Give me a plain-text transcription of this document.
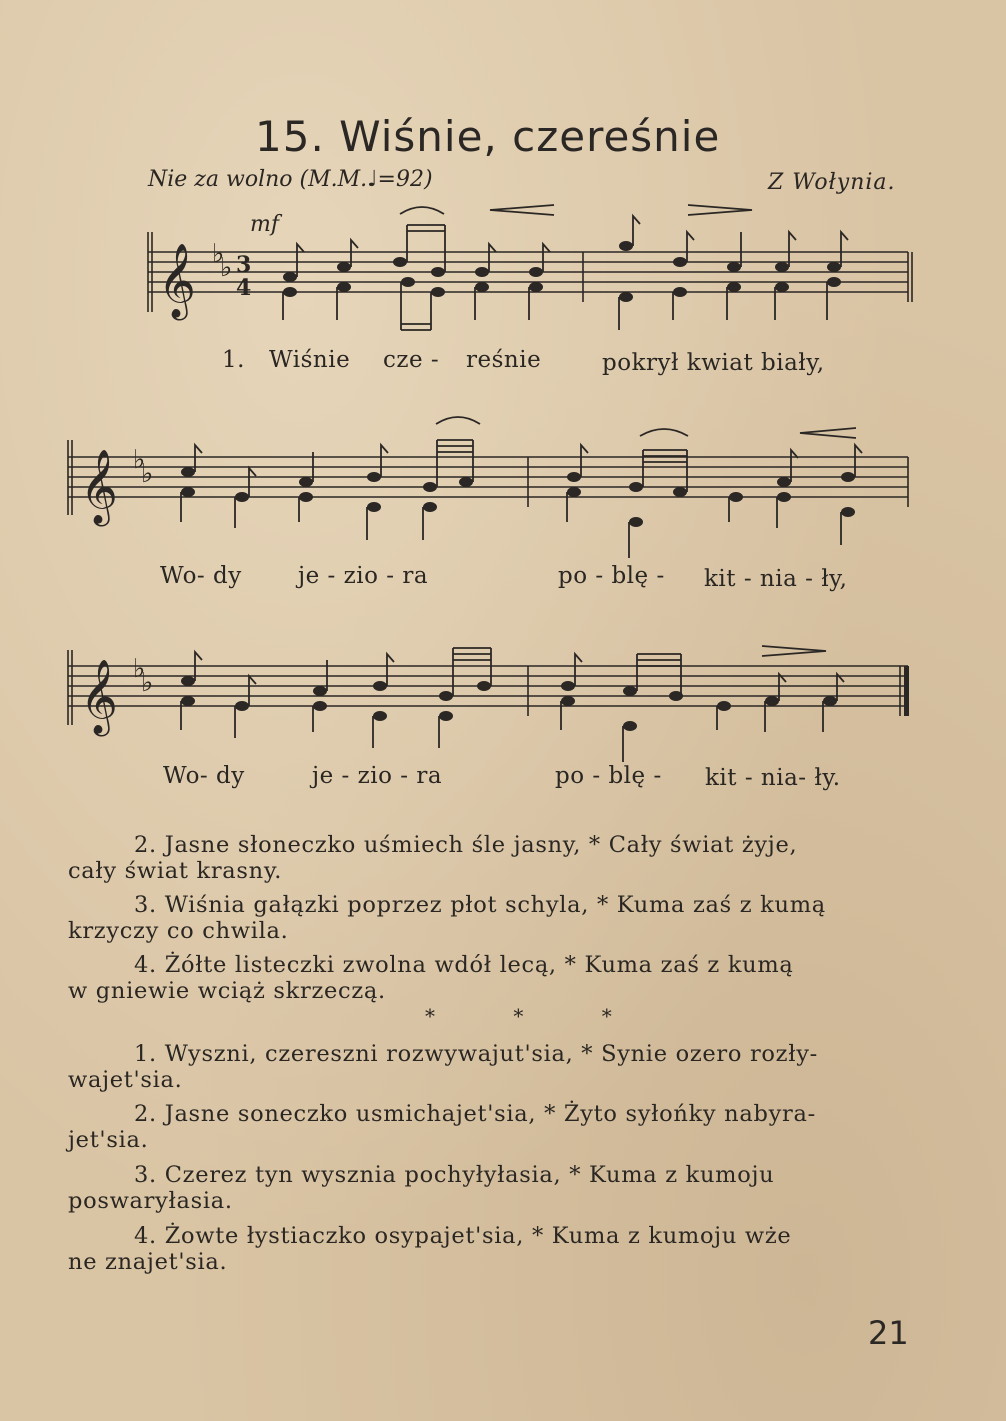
15. Wiśnie, czereśnie
Nie za wolno (M.M.♩=92)	Z Wołynia.
mf
𝄞 ♭
♭ 3
4
1. Wiśnie cze - reśnie	pokrył kwiat biały,
𝄞 ♭
♭
Wo- dy je - zio - ra	po - blę - kit - nia - ły,
𝄞 ♭
♭
Wo- dy	je - zio - ra	po - blę - kit - nia- ły.
2. Jasne słoneczko uśmiech śle jasny, * Cały świat żyje,
cały świat krasny.
3. Wiśnia gałązki poprzez płot schyla, * Kuma zaś z kumą
krzyczy co chwila.
4. Żółte listeczki zwolna wdół lecą, * Kuma zaś z kumą
w gniewie wciąż skrzeczą.
* * *
1. Wyszni, czereszni rozwywajut'sia, * Synie ozero rozły-
wajet'sia.
2. Jasne soneczko usmichajet'sia, * Żyto syłońky nabyra-
jet'sia.
3. Czerez tyn wysznia pochyłyłasia, * Kuma z kumoju
poswaryłasia.
4. Żowte łystiaczko osypajet'sia, * Kuma z kumoju wże
ne znajet'sia.
21
